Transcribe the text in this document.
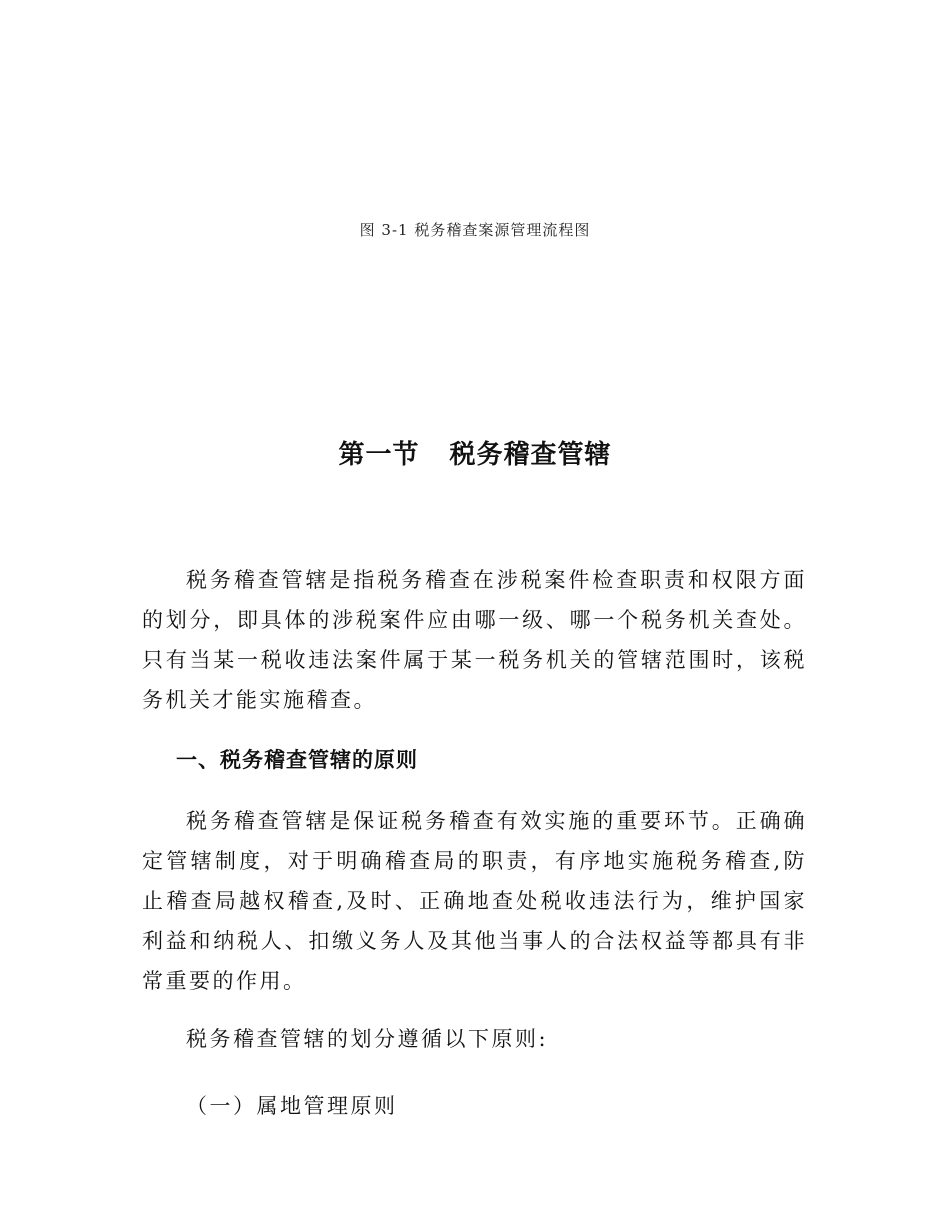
图 3-1 税务稽查案源管理流程图
第一节 税务稽查管辖

税务稽查管辖是指税务稽查在涉税案件检查职责和权限方面的划分，即具体的涉税案件应由哪一级、哪一个税务机关查处。只有当某一税收违法案件属于某一税务机关的管辖范围时，该税务机关才能实施稽查。

一、税务稽查管辖的原则

税务稽查管辖是保证税务稽查有效实施的重要环节。正确确定管辖制度，对于明确稽查局的职责，有序地实施税务稽查,防止稽查局越权稽查,及时、正确地查处税收违法行为，维护国家利益和纳税人、扣缴义务人及其他当事人的合法权益等都具有非常重要的作用。

税务稽查管辖的划分遵循以下原则:

（一）属地管理原则
